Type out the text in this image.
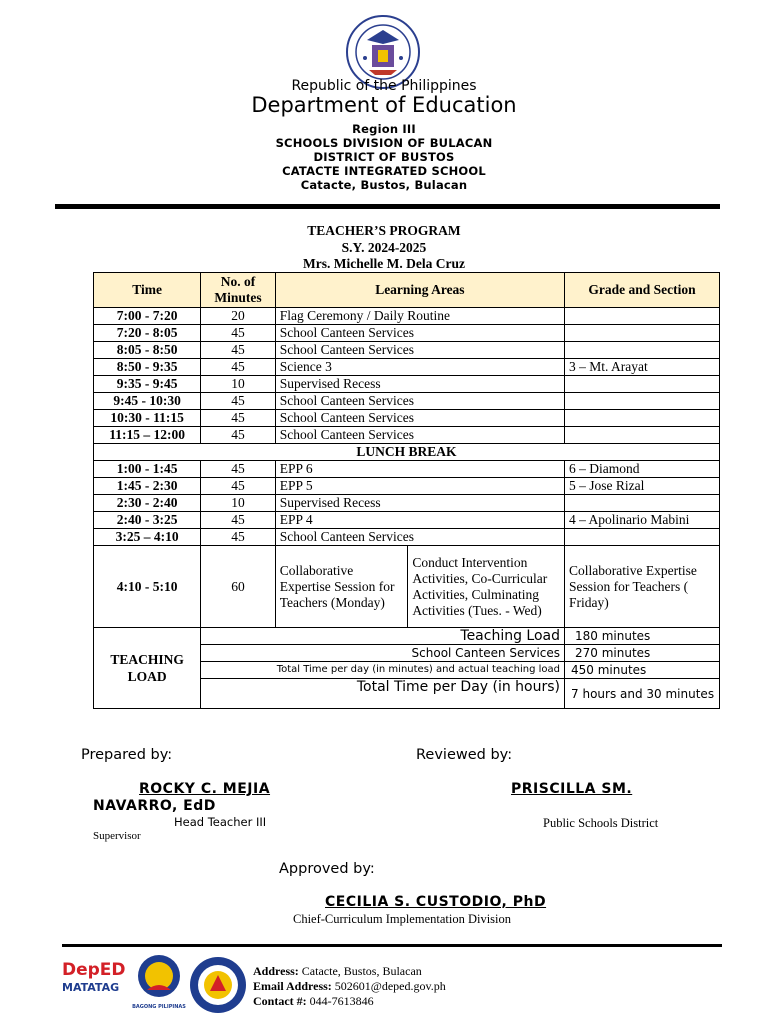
Republic of the Philippines
Department of Education
Region III
SCHOOLS DIVISION OF BULACAN
DISTRICT OF BUSTOS
CATACTE INTEGRATED SCHOOL
Catacte, Bustos, Bulacan
TEACHER’S PROGRAM
S.Y. 2024-2025
Mrs. Michelle M. Dela Cruz
Time	No. of Minutes	Learning Areas		Grade and Section
7:00 - 7:20	20	Flag Ceremony / Daily Routine		
7:20 - 8:05	45	School Canteen Services		
8:05 - 8:50	45	School Canteen Services		
8:50 - 9:35	45	Science 3		3 – Mt. Arayat
9:35 - 9:45	10	Supervised Recess		
9:45 - 10:30	45	School Canteen Services		
10:30 - 11:15	45	School Canteen Services		
11:15 – 12:00	45	School Canteen Services		
LUNCH BREAK				
1:00 - 1:45	45	EPP 6		6 – Diamond
1:45 - 2:30	45	EPP 5		5 – Jose Rizal
2:30 - 2:40	10	Supervised Recess		
2:40 - 3:25	45	EPP 4		4 – Apolinario Mabini
3:25 – 4:10	45	School Canteen Services		
4:10 - 5:10	60	Collaborative Expertise Session for Teachers (Monday)	Conduct Intervention Activities, Co-Curricular Activities, Culminating Activities (Tues. - Wed)	Collaborative Expertise Session for Teachers ( Friday)
TEACHING LOAD	Teaching Load			180 minutes
	School Canteen Services			270 minutes
	Total Time per day (in minutes) and actual teaching load			450 minutes
	Total Time per Day (in hours)			7 hours and 30 minutes
Prepared by:	Reviewed by:
ROCKY C. MEJIA	PRISCILLA SM.
NAVARRO, EdD
Head Teacher III	Public Schools District
Supervisor
Approved by:
CECILIA S. CUSTODIO, PhD
Chief-Curriculum Implementation Division
DepED
MATATAG
BAGONG PILIPINAS
Address: Catacte, Bustos, Bulacan
Email Address: 502601@deped.gov.ph
Contact #: 044-7613846
